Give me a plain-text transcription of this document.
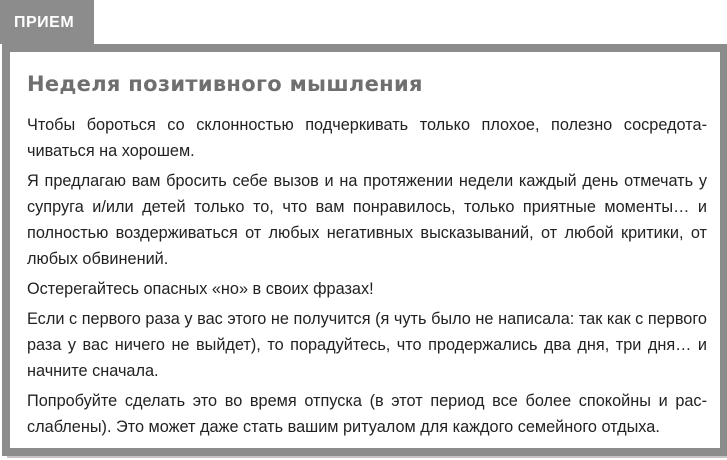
ПРИЕМ
Неделя позитивного мышления

Чтобы бороться со склонностью подчеркивать только плохое, полезно сосредотачиваться на хорошем.

Я предлагаю вам бросить себе вызов и на протяжении недели каждый день отмечать у супруга и/или детей только то, что вам понравилось, только приятные моменты… и полностью воздерживаться от любых негативных высказываний, от любой критики, от любых обвинений.

Остерегайтесь опасных «но» в своих фразах!

Если с первого раза у вас этого не получится (я чуть было не написала: так как с первого раза у вас ничего не выйдет), то порадуйтесь, что продержались два дня, три дня… и начните сначала.

Попробуйте сделать это во время отпуска (в этот период все более спокойны и расслаблены). Это может даже стать вашим ритуалом для каждого семейного отдыха.
